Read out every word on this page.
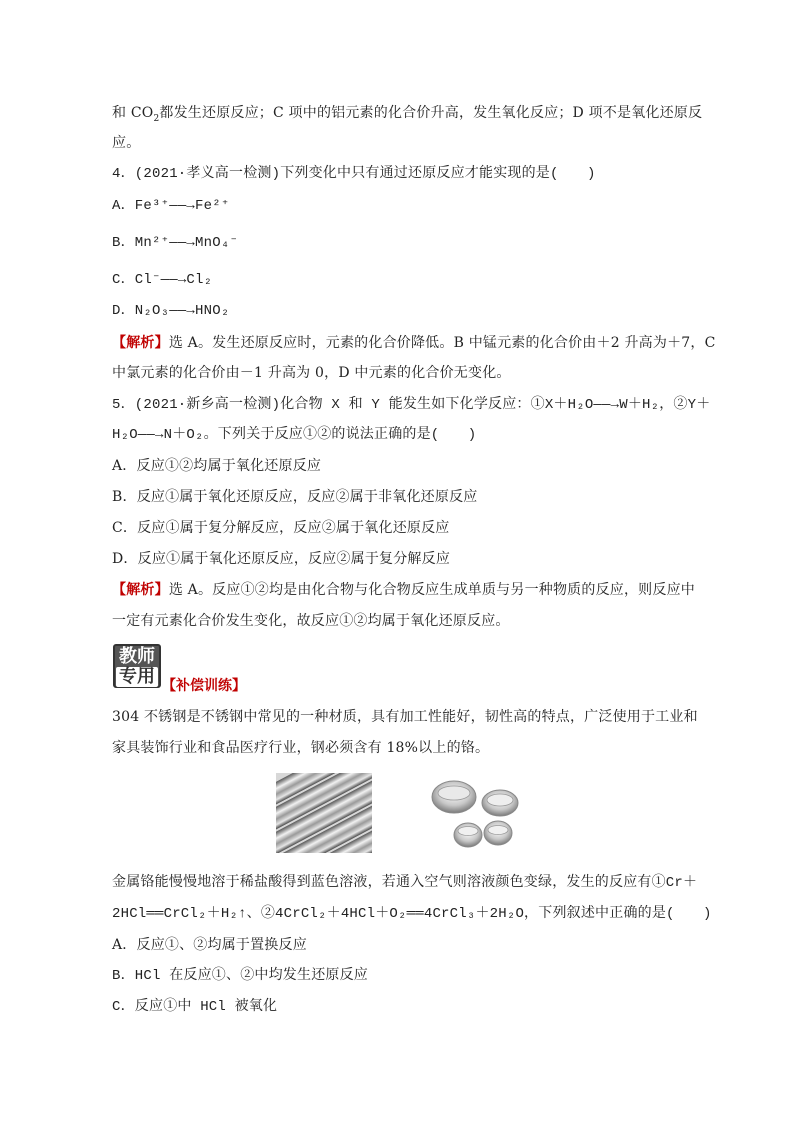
和 $CO_2$都发生还原反应；C 项中的铝元素的化合价升高，发生氧化反应；D 项不是氧化还原反
应。
4．(2021·孝义高一检测)下列变化中只有通过还原反应才能实现的是(　　)
A．Fe³⁺——→Fe²⁺
B．Mn²⁺——→MnO₄⁻
C．Cl⁻——→Cl₂
D．N₂O₃——→HNO₂
【解析】选 A。发生还原反应时，元素的化合价降低。B 中锰元素的化合价由＋2 升高为＋7，C
中氯元素的化合价由－1 升高为 0，D 中元素的化合价无变化。
5．(2021·新乡高一检测)化合物 X 和 Y 能发生如下化学反应：①X＋H₂O——→W＋H₂，②Y＋
H₂O——→N＋O₂。下列关于反应①②的说法正确的是(　　)
A．反应①②均属于氧化还原反应
B．反应①属于氧化还原反应，反应②属于非氧化还原反应
C．反应①属于复分解反应，反应②属于氧化还原反应
D．反应①属于氧化还原反应，反应②属于复分解反应
【解析】选 A。反应①②均是由化合物与化合物反应生成单质与另一种物质的反应，则反应中
一定有元素化合价发生变化，故反应①②均属于氧化还原反应。
教师
专用 【补偿训练】
304 不锈钢是不锈钢中常见的一种材质，具有加工性能好，韧性高的特点，广泛使用于工业和
家具装饰行业和食品医疗行业，钢必须含有 18%以上的铬。
金属铬能慢慢地溶于稀盐酸得到蓝色溶液，若通入空气则溶液颜色变绿，发生的反应有①Cr＋
2HCl══CrCl₂＋H₂↑、②4CrCl₂＋4HCl＋O₂══4CrCl₃＋2H₂O，下列叙述中正确的是(　　)
A．反应①、②均属于置换反应
B．HCl 在反应①、②中均发生还原反应
C．反应①中 HCl 被氧化
